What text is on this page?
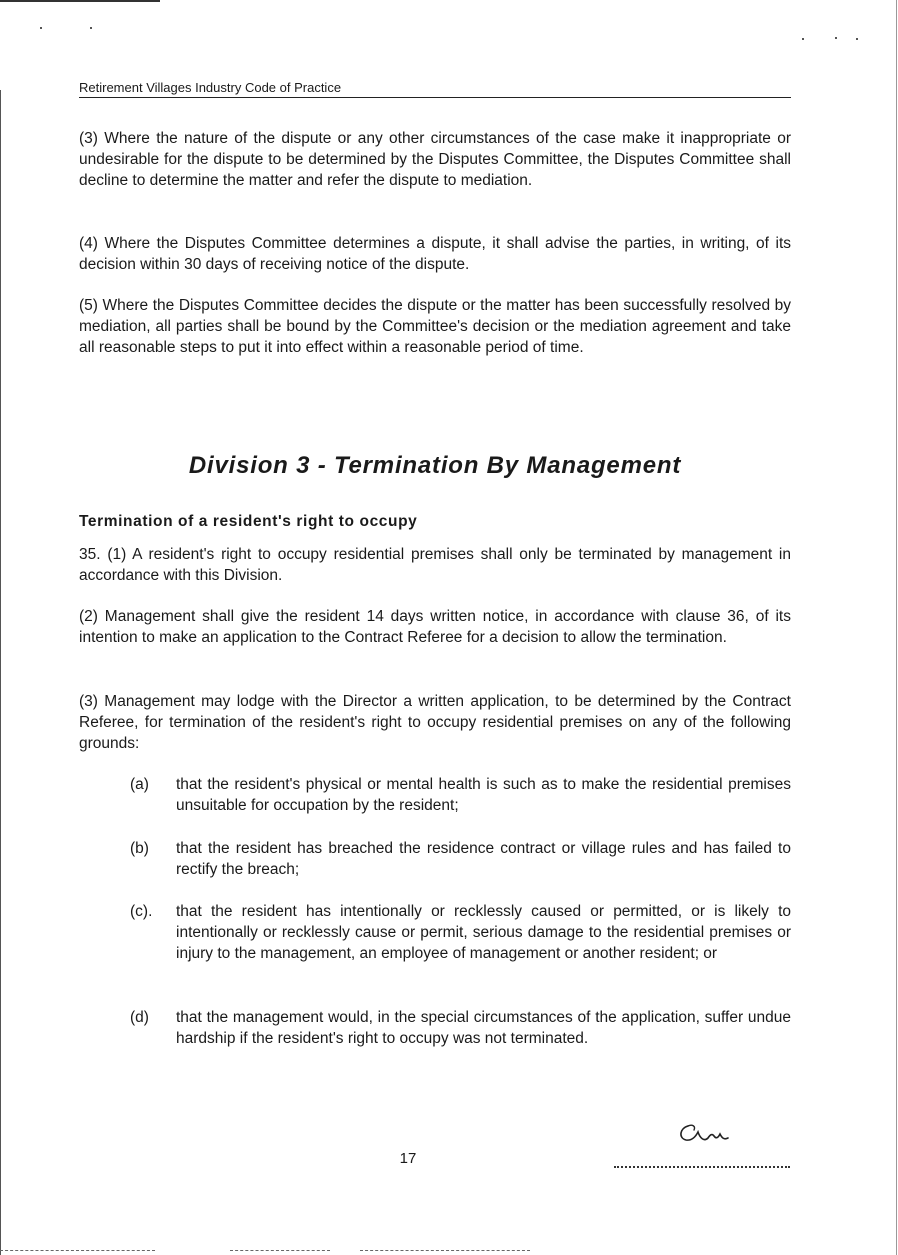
Retirement Villages Industry Code of Practice

(3) Where the nature of the dispute or any other circumstances of the case make it inappropriate or undesirable for the dispute to be determined by the Disputes Committee, the Disputes Committee shall decline to determine the matter and refer the dispute to mediation.

(4) Where the Disputes Committee determines a dispute, it shall advise the parties, in writing, of its decision within 30 days of receiving notice of the dispute.

(5) Where the Disputes Committee decides the dispute or the matter has been successfully resolved by mediation, all parties shall be bound by the Committee's decision or the mediation agreement and take all reasonable steps to put it into effect within a reasonable period of time.

Division 3 - Termination By Management
Termination of a resident's right to occupy

35. (1) A resident's right to occupy residential premises shall only be terminated by management in accordance with this Division.

(2) Management shall give the resident 14 days written notice, in accordance with clause 36, of its intention to make an application to the Contract Referee for a decision to allow the termination.

(3) Management may lodge with the Director a written application, to be determined by the Contract Referee, for termination of the resident's right to occupy residential premises on any of the following grounds:

(a) that the resident's physical or mental health is such as to make the residential premises unsuitable for occupation by the resident;

(b) that the resident has breached the residence contract or village rules and has failed to rectify the breach;

(c). that the resident has intentionally or recklessly caused or permitted, or is likely to intentionally or recklessly cause or permit, serious damage to the residential premises or injury to the management, an employee of management or another resident; or

(d) that the management would, in the special circumstances of the application, suffer undue hardship if the resident's right to occupy was not terminated.

17
